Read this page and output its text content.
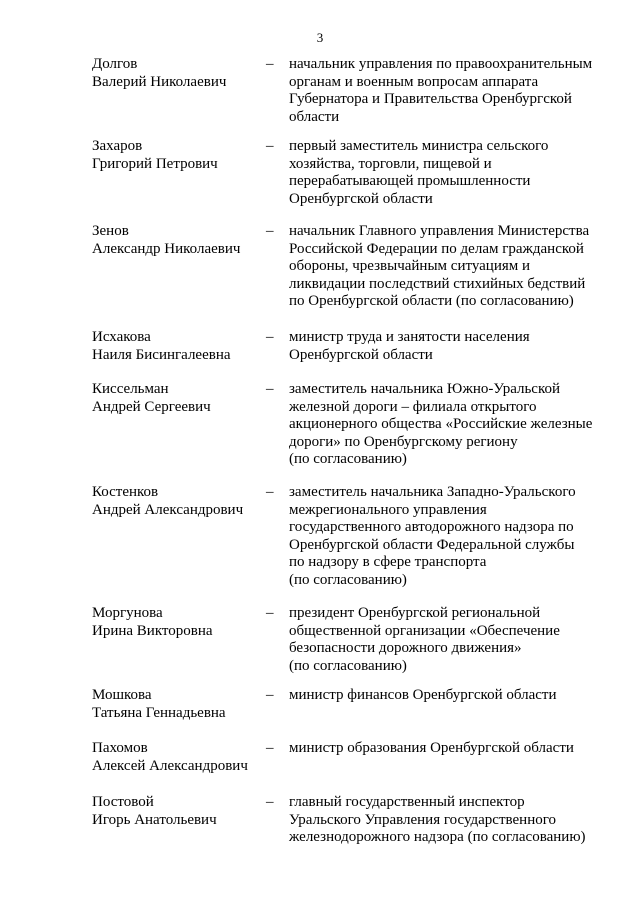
3
Долгов
Валерий Николаевич
– начальник управления по правоохранительным
органам и военным вопросам аппарата
Губернатора и Правительства Оренбургской
области
Захаров
Григорий Петрович
– первый заместитель министра сельского
хозяйства, торговли, пищевой и
перерабатывающей промышленности
Оренбургской области
Зенов
Александр Николаевич
– начальник Главного управления Министерства
Российской Федерации по делам гражданской
обороны, чрезвычайным ситуациям и
ликвидации последствий стихийных бедствий
по Оренбургской области (по согласованию)
Исхакова
Наиля Бисингалеевна
– министр труда и занятости населения
Оренбургской области
Киссельман
Андрей Сергеевич
– заместитель начальника Южно-Уральской
железной дороги – филиала открытого
акционерного общества «Российские железные
дороги» по Оренбургскому региону
(по согласованию)
Костенков
Андрей Александрович
– заместитель начальника Западно-Уральского
межрегионального управления
государственного автодорожного надзора по
Оренбургской области Федеральной службы
по надзору в сфере транспорта
(по согласованию)
Моргунова
Ирина Викторовна
– президент Оренбургской региональной
общественной организации «Обеспечение
безопасности дорожного движения»
(по согласованию)
Мошкова
Татьяна Геннадьевна
– министр финансов Оренбургской области
Пахомов
Алексей Александрович
– министр образования Оренбургской области
Постовой
Игорь Анатольевич
– главный государственный инспектор
Уральского Управления государственного
железнодорожного надзора (по согласованию)
